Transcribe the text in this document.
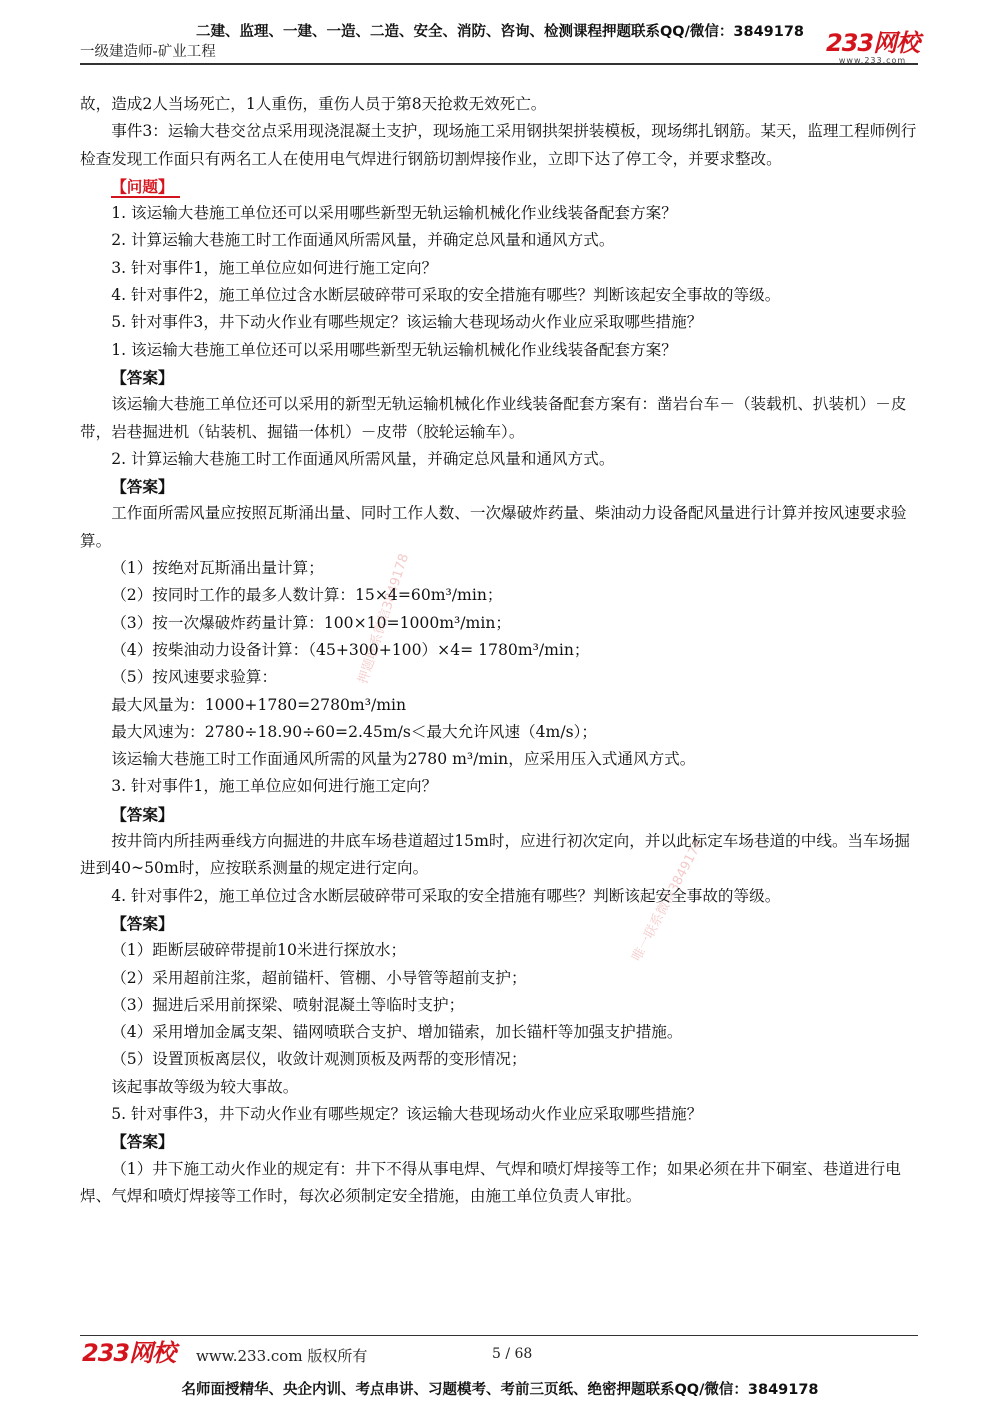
二建、监理、一建、一造、二造、安全、消防、咨询、检测课程押题联系QQ/微信：3849178
一级建造师-矿业工程	233网校
www.233.com
押题联系微信3849178
唯一联系微信3849178

故，造成2人当场死亡，1人重伤，重伤人员于第8天抢救无效死亡。

事件3：运输大巷交岔点采用现浇混凝土支护，现场施工采用钢拱架拼装模板，现场绑扎钢筋。某天，监理工程师例行检查发现工作面只有两名工人在使用电气焊进行钢筋切割焊接作业，立即下达了停工令，并要求整改。

【问题】

1. 该运输大巷施工单位还可以采用哪些新型无轨运输机械化作业线装备配套方案？

2. 计算运输大巷施工时工作面通风所需风量，并确定总风量和通风方式。

3. 针对事件1，施工单位应如何进行施工定向？

4. 针对事件2，施工单位过含水断层破碎带可采取的安全措施有哪些？判断该起安全事故的等级。

5. 针对事件3，井下动火作业有哪些规定？该运输大巷现场动火作业应采取哪些措施？

1. 该运输大巷施工单位还可以采用哪些新型无轨运输机械化作业线装备配套方案？

【答案】

该运输大巷施工单位还可以采用的新型无轨运输机械化作业线装备配套方案有：凿岩台车－（装载机、扒装机）－皮带，岩巷掘进机（钻装机、掘锚一体机）－皮带（胶轮运输车）。

2. 计算运输大巷施工时工作面通风所需风量，并确定总风量和通风方式。

【答案】

工作面所需风量应按照瓦斯涌出量、同时工作人数、一次爆破炸药量、柴油动力设备配风量进行计算并按风速要求验算。

（1）按绝对瓦斯涌出量计算；

（2）按同时工作的最多人数计算：15×4=60m³/min；

（3）按一次爆破炸药量计算：100×10=1000m³/min；

（4）按柴油动力设备计算：（45+300+100）×4= 1780m³/min；

（5）按风速要求验算：

最大风量为：1000+1780=2780m³/min

最大风速为：2780÷18.90÷60=2.45m/s＜最大允许风速（4m/s）；

该运输大巷施工时工作面通风所需的风量为2780 m³/min，应采用压入式通风方式。

3. 针对事件1，施工单位应如何进行施工定向？

【答案】

按井筒内所挂两垂线方向掘进的井底车场巷道超过15m时，应进行初次定向，并以此标定车场巷道的中线。当车场掘进到40~50m时，应按联系测量的规定进行定向。

4. 针对事件2，施工单位过含水断层破碎带可采取的安全措施有哪些？判断该起安全事故的等级。

【答案】

（1）距断层破碎带提前10米进行探放水；

（2）采用超前注浆，超前锚杆、管棚、小导管等超前支护；

（3）掘进后采用前探梁、喷射混凝土等临时支护；

（4）采用增加金属支架、锚网喷联合支护、增加锚索，加长锚杆等加强支护措施。

（5）设置顶板离层仪，收敛计观测顶板及两帮的变形情况；

该起事故等级为较大事故。

5. 针对事件3，井下动火作业有哪些规定？该运输大巷现场动火作业应采取哪些措施？

【答案】

（1）井下施工动火作业的规定有：井下不得从事电焊、气焊和喷灯焊接等工作；如果必须在井下硐室、巷道进行电焊、气焊和喷灯焊接等工作时，每次必须制定安全措施，由施工单位负责人审批。

233网校 www.233.com 版权所有	5 / 68
名师面授精华、央企内训、考点串讲、习题模考、考前三页纸、绝密押题联系QQ/微信：3849178
